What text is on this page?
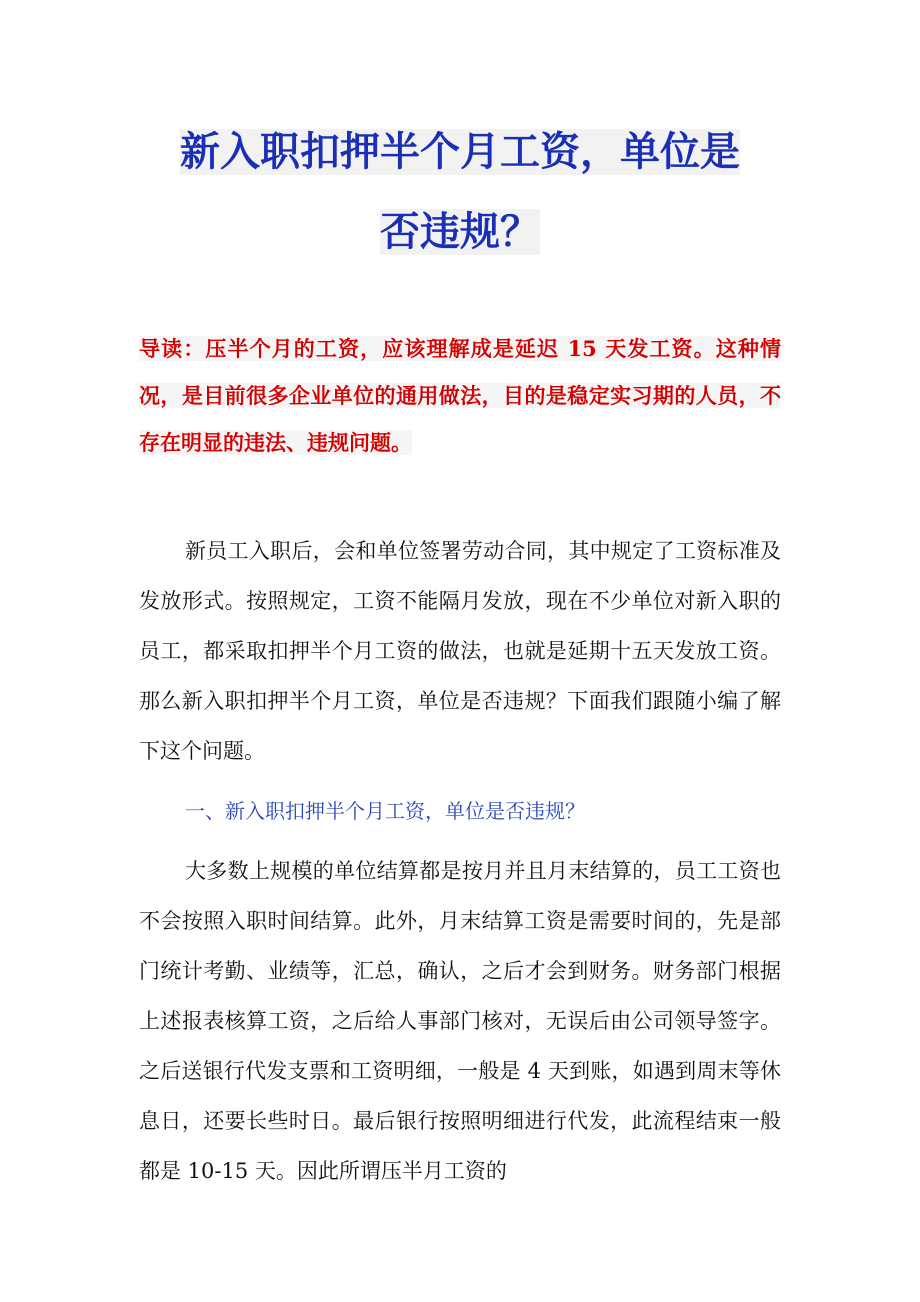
新入职扣押半个月工资，单位是
否违规？

导读：压半个月的工资，应该理解成是延迟 15 天发工资。这种情况，是目前很多企业单位的通用做法，目的是稳定实习期的人员，不存在明显的违法、违规问题。

新员工入职后，会和单位签署劳动合同，其中规定了工资标准及发放形式。按照规定，工资不能隔月发放，现在不少单位对新入职的员工，都采取扣押半个月工资的做法，也就是延期十五天发放工资。那么新入职扣押半个月工资，单位是否违规？下面我们跟随小编了解下这个问题。

一、新入职扣押半个月工资，单位是否违规？

大多数上规模的单位结算都是按月并且月末结算的，员工工资也不会按照入职时间结算。此外，月末结算工资是需要时间的，先是部门统计考勤、业绩等，汇总，确认，之后才会到财务。财务部门根据上述报表核算工资，之后给人事部门核对，无误后由公司领导签字。之后送银行代发支票和工资明细，一般是 4 天到账，如遇到周末等休息日，还要长些时日。最后银行按照明细进行代发，此流程结束一般都是 10-15 天。因此所谓压半月工资的
